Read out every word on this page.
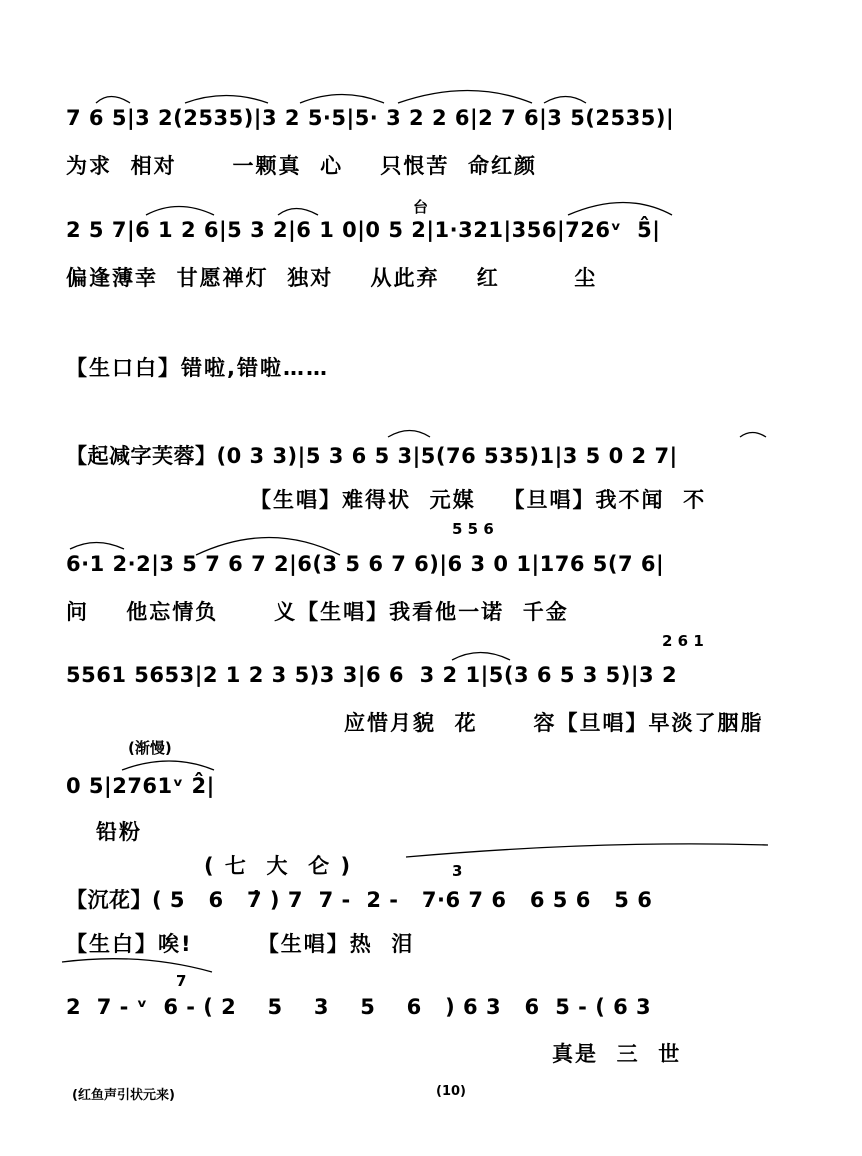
7 6 5|3 2(2535)|3 2 5·5|5· 3 2 2 6|2 7 6|3 5(2535)|
为求  相对      一颗真  心    只恨苦  命红颜
台
2 5 7|6 1 2 6|5 3 2|6 1 0|0 5 2|1·321|356|726ᵛ  5̂|
偏逢薄幸  甘愿禅灯  独对    从此弃    红        尘
【生口白】错啦,错啦……
【起减字芙蓉】(0 3 3)|5 3 6 5 3|5(76 535)1|3 5 0 2 7|
【生唱】难得状  元媒   【旦唱】我不闻  不
5 5 6
6·1 2·2|3 5 7 6 7 2|6(3 5 6 7 6)|6 3 0 1|176 5(7 6|
问    他忘情负      义【生唱】我看他一诺  千金
2 6 1
5561 5653|2 1 2 3 5)3 3|6 6  3 2 1|5(3 6 5 3 5)|3 2
应惜月貌  花      容【旦唱】早淡了胭脂
(渐慢)
0 5|2761ᵛ 2̂|
铅粉
( 七  大  仑 )	3
【沉花】( 5   6   7̂ ) 7  7 -  2 -   7·6 7 6   6 5 6   5 6
【生白】唉!       【生唱】热  泪
7
2  7 - ᵛ  6 - ( 2    5    3    5    6   ) 6 3   6  5 - ( 6 3
真是  三  世
(红鱼声引状元来)	(10)
